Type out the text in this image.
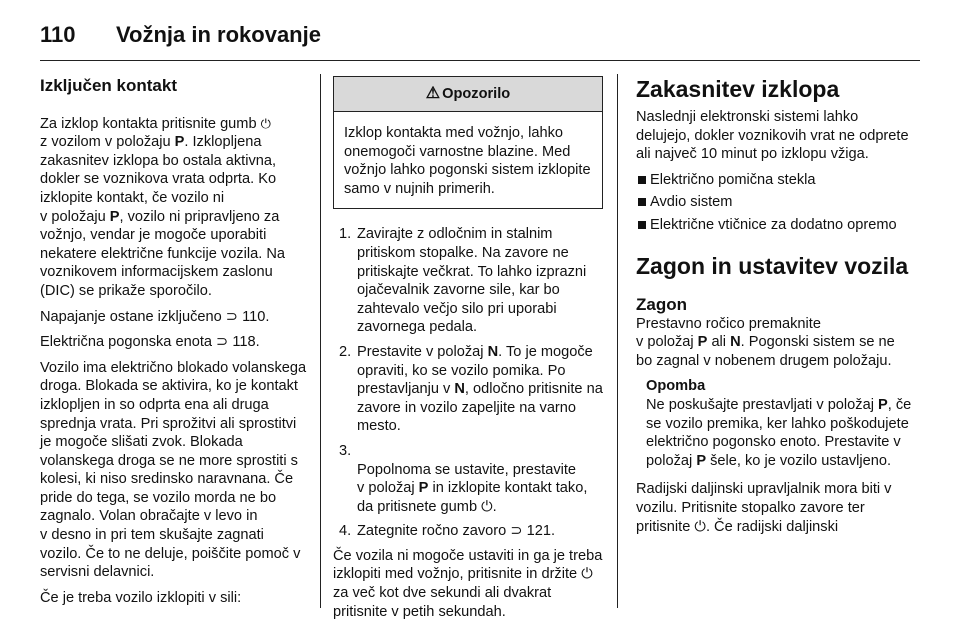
110	Vožnja in rokovanje
Izključen kontakt

Za izklop kontakta pritisnite gumb ⏻
z vozilom v položaju P. Izklopljena zakasnitev izklopa bo ostala aktivna, dokler se voznikova vrata odprta. Ko izklopite kontakt, če vozilo ni
v položaju P, vozilo ni pripravljeno za vožnjo, vendar je mogoče uporabiti nekatere električne funkcije vozila. Na voznikovem informacijskem zaslonu (DIC) se prikaže sporočilo.

Napajanje ostane izključeno ⊃ 110.

Električna pogonska enota ⊃ 118.

Vozilo ima električno blokado volanskega droga. Blokada se aktivira, ko je kontakt izklopljen in so odprta ena ali druga sprednja vrata. Pri sprožitvi ali sprostitvi je mogoče slišati zvok. Blokada volanskega droga se ne more sprostiti s kolesi, ki niso sredinsko naravnana. Če pride do tega, se vozilo morda ne bo zagnalo. Volan obračajte v levo in
v desno in pri tem skušajte zagnati vozilo. Če to ne deluje, poiščite pomoč v servisni delavnici.

Če je treba vozilo izklopiti v sili:

⚠ Opozorilo
Izklop kontakta med vožnjo, lahko onemogoči varnostne blazine. Med vožnjo lahko pogonski sistem izklopite samo v nujnih primerih.
1. Zavirajte z odločnim in stalnim pritiskom stopalke. Na zavore ne pritiskajte večkrat. To lahko izprazni ojačevalnik zavorne sile, kar bo zahtevalo večjo silo pri uporabi zavornega pedala.
2. Prestavite v položaj N. To je mogoče opraviti, ko se vozilo pomika. Po prestavljanju v N, odločno pritisnite na zavore in vozilo zapeljite na varno mesto.

3.
Popolnoma se ustavite, prestavite
v položaj P in izklopite kontakt tako, da pritisnete gumb ⏻.

4. Zategnite ročno zavoro ⊃ 121.

Če vozila ni mogoče ustaviti in ga je treba izklopiti med vožnjo, pritisnite in držite ⏻ za več kot dve sekundi ali dvakrat pritisnite v petih sekundah.

Zakasnitev izklopa

Naslednji elektronski sistemi lahko delujejo, dokler voznikovih vrat ne odprete ali največ 10 minut po izklopu vžiga.

Električno pomična stekla
Avdio sistem
Električne vtičnice za dodatno opremo
Zagon in ustavitev vozila
Zagon

Prestavno ročico premaknite
v položaj P ali N. Pogonski sistem se ne bo zagnal v nobenem drugem položaju.

Opomba
Ne poskušajte prestavljati v položaj P, če se vozilo premika, ker lahko poškodujete električno pogonsko enoto. Prestavite v položaj P šele, ko je vozilo ustavljeno.

Radijski daljinski upravljalnik mora biti v vozilu. Pritisnite stopalko zavore ter pritisnite ⏻. Če radijski daljinski
